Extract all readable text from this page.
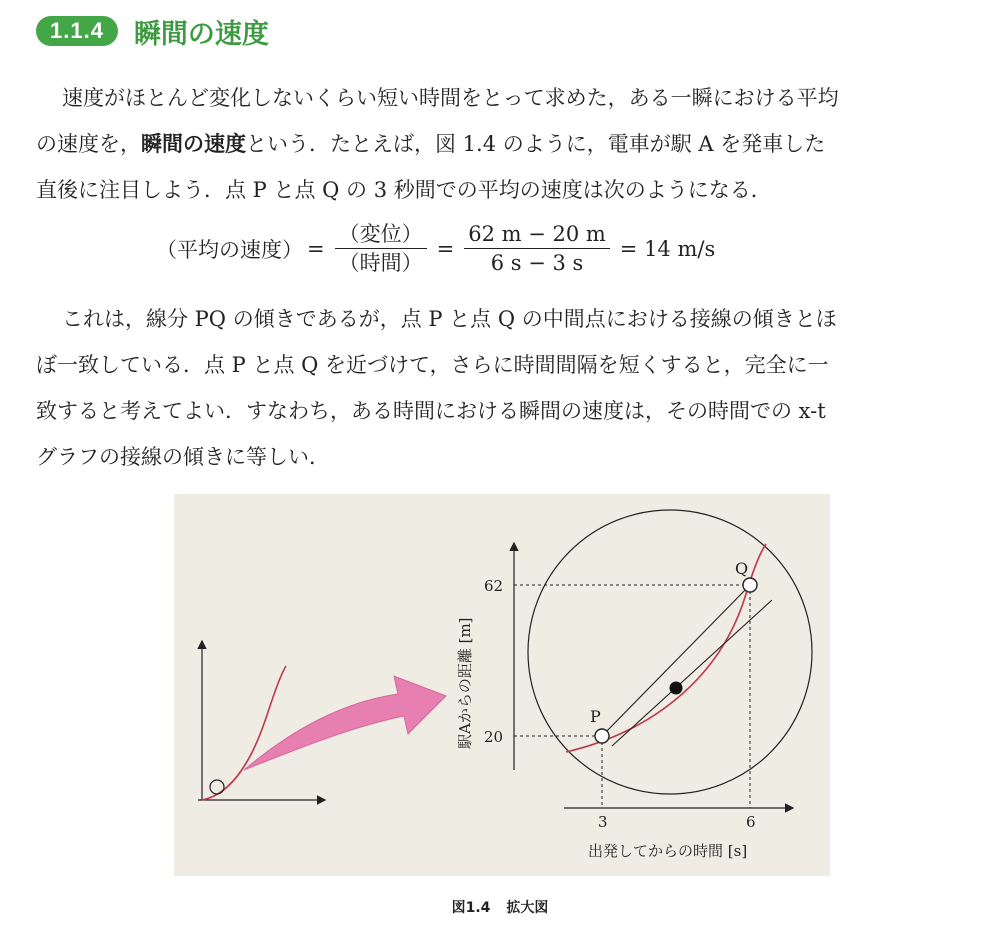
1.1.4	瞬間の速度
速度がほとんど変化しないくらい短い時間をとって求めた，ある一瞬における平均
の速度を，瞬間の速度という．たとえば，図 1.4 のように，電車が駅 A を発車した
直後に注目しよう．点 P と点 Q の 3 秒間での平均の速度は次のようになる．
（平均の速度） = $\frac{\text{（変位）}}{\text{（時間）}} = \frac{62 m - 20 m}{6 s - 3 s} = 14$ m/s
これは，線分 PQ の傾きであるが，点 P と点 Q の中間点における接線の傾きとほ
ぼ一致している．点 P と点 Q を近づけて，さらに時間間隔を短くすると，完全に一
致すると考えてよい．すなわち，ある時間における瞬間の速度は，その時間での x-t
グラフの接線の傾きに等しい．
P
Q
62
20
3	6
出発してからの時間 [s]
駅Aからの距離 [m]
図1.4 拡大図
